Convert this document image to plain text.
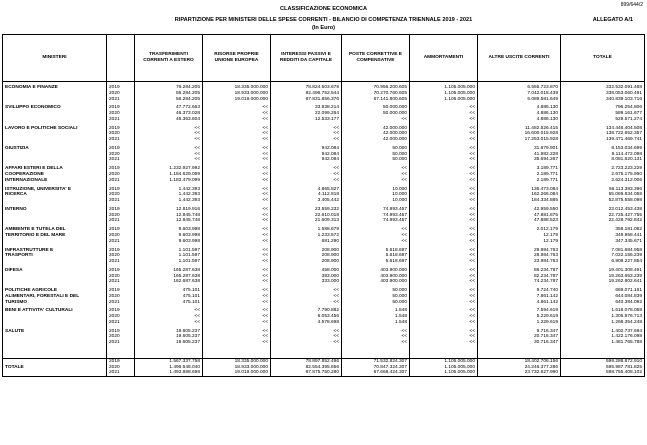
899/644/2
CLASSIFICAZIONE ECONOMICA
RIPARTIZIONE PER MINISTERI DELLE SPESE CORRENTI - BILANCIO DI COMPETENZA TRIENNALE 2019 - 2021
(In Euro)
ALLEGATO A/1
MINISTERI		TRASFERIMENTI CORRENTI A ESTERO	RISORSE PROPRIE UNIONE EUROPEA	INTERESSI PASSIVI E REDDITI DA CAPITALE	POSTE CORRETTIVE E COMPENSATIVE	AMMORTAMENTI	ALTRE USCITE CORRENTI	TOTALE

ECONOMIA E FINANZE	2019	76.284.205	18.335.000.000	78.824.503.678	70.956.200.605	1.105.005.000	6.555.723.870	332.532.091.468
	2020	56.284.205	18.933.000.000	82.496.752.544	70.270.760.605	1.105.005.000	7.042.018.439	338.053.060.491
	2021	56.284.205	19.019.000.000	87.831.856.376	67.141.800.605	1.105.005.000	6.089.581.649	340.839.103.716

SVILUPPO ECONOMICO	2019	47.772.663	<<	33.938.214	50.000.000	<<	4.886.130	796.254.806
	2020	46.373.028	<<	22.099.264	50.000.000	<<	4.886.130	589.161.677
	2021	46.363.604	<<	12.533.177	<<	<<	4.886.130	529.571.274

LAVORO E POLITICHE SOCIALI	2019	<<	<<	<<	42.000.000	<<	11.482.526.415	134.446.404.508
	2020	<<	<<	<<	42.000.000	<<	16.600.015.928	138.722.652.357
	2021	<<	<<	<<	42.000.000	<<	17.253.015.928	139.471.469.741

GIUSTIZIA	2019	<<	<<	942.084	50.000	<<	31.679.901	8.153.034.699
	2020	<<	<<	942.084	50.000	<<	41.982.228	8.114.472.098
	2021	<<	<<	942.084	50.000	<<	35.694.267	8.081.620.131

AFFARI ESTERI E DELLA	2019	1.232.927.992	<<	<<	<<	<<	3.189.771	2.723.223.229
COOPERAZIONE	2020	1.184.629.099	<<	<<	<<	<<	2.189.771	2.675.175.950
INTERNAZIONALE	2021	1.183.479.099	<<	<<	<<	<<	2.189.771	2.624.312.006

ISTRUZIONE, UNIVERSITA' E	2019	1.442.393	<<	4.865.827	10.000	<<	136.473.084	56.113.383.396
RICERCA	2020	1.442.393	<<	4.112.818	10.000	<<	162.266.084	55.069.834.058
	2021	1.442.393	<<	3.405.442	10.000	<<	184.334.885	52.875.558.098

INTERNO	2019	12.819.916	<<	23.559.232	74.993.457	<<	42.959.550	23.012.453.438
	2020	12.845.748	<<	22.610.018	74.993.457	<<	47.881.875	22.725.427.755
	2021	12.845.748	<<	21.609.313	74.993.457	<<	47.888.523	22.428.792.842

AMBIENTE E TUTELA DEL	2019	9.603.998	<<	1.588.679	<<	<<	2.012.179	358.181.082
TERRITORIO E DEL MARE	2020	9.603.998	<<	1.233.572	<<	<<	12.179	349.958.441
	2021	9.603.998	<<	681.290	<<	<<	12.179	347.345.671

INFRASTRUTTURE E	2019	1.101.597	<<	208.900	5.618.697	<<	29.984.763	7.081.684.958
TRASPORTI	2020	1.101.597	<<	208.900	5.618.697	<<	28.984.763	7.022.156.239
	2021	1.101.597	<<	208.900	5.618.697	<<	23.984.763	6.908.227.854

DIFESA	2019	165.287.638	<<	458.000	403.900.000	<<	86.234.787	19.401.308.491
	2020	165.287.638	<<	383.000	403.900.000	<<	82.234.787	19.263.653.239
	2021	162.687.638	<<	333.000	403.900.000	<<	74.234.787	19.262.802.641

POLITICHE AGRICOLE	2019	475.101	<<	<<	50.000	<<	9.724.740	669.071.161
ALIMENTARI, FORESTALI E DEL	2020	475.101	<<	<<	50.000	<<	7.861.142	644.084.839
TURISMO	2021	475.101	<<	<<	50.000	<<	4.861.142	640.384.092

BENI E ATTIVITA' CULTURALI	2019	<<	<<	7.790.882	1.548	<<	7.594.619	1.618.078.058
	2020	<<	<<	6.053.456	1.548	<<	5.229.619	1.305.976.713
	2021	<<	<<	4.578.698	1.548	<<	1.229.619	1.268.354.248

SALUTE	2019	19.605.237	<<	<<	<<	<<	9.716.347	1.402.737.694
	2020	19.605.237	<<	<<	<<	<<	20.716.347	1.422.176.098
	2021	19.605.237	<<	<<	<<	<<	30.716.347	1.481.765.788

	2019	1.567.337.758	18.335.000.000	78.897.852.496	71.532.824.307	1.105.005.000	18.402.706.156	598.286.872.910
TOTALE	2020	1.496.648.040	18.933.000.000	82.554.395.656	70.847.324.307	1.105.005.000	24.246.377.286	595.987.781.825
	2021	1.493.888.698	19.019.000.000	87.875.750.280	67.668.424.307	1.105.005.000	23.732.627.990	598.755.408.102
